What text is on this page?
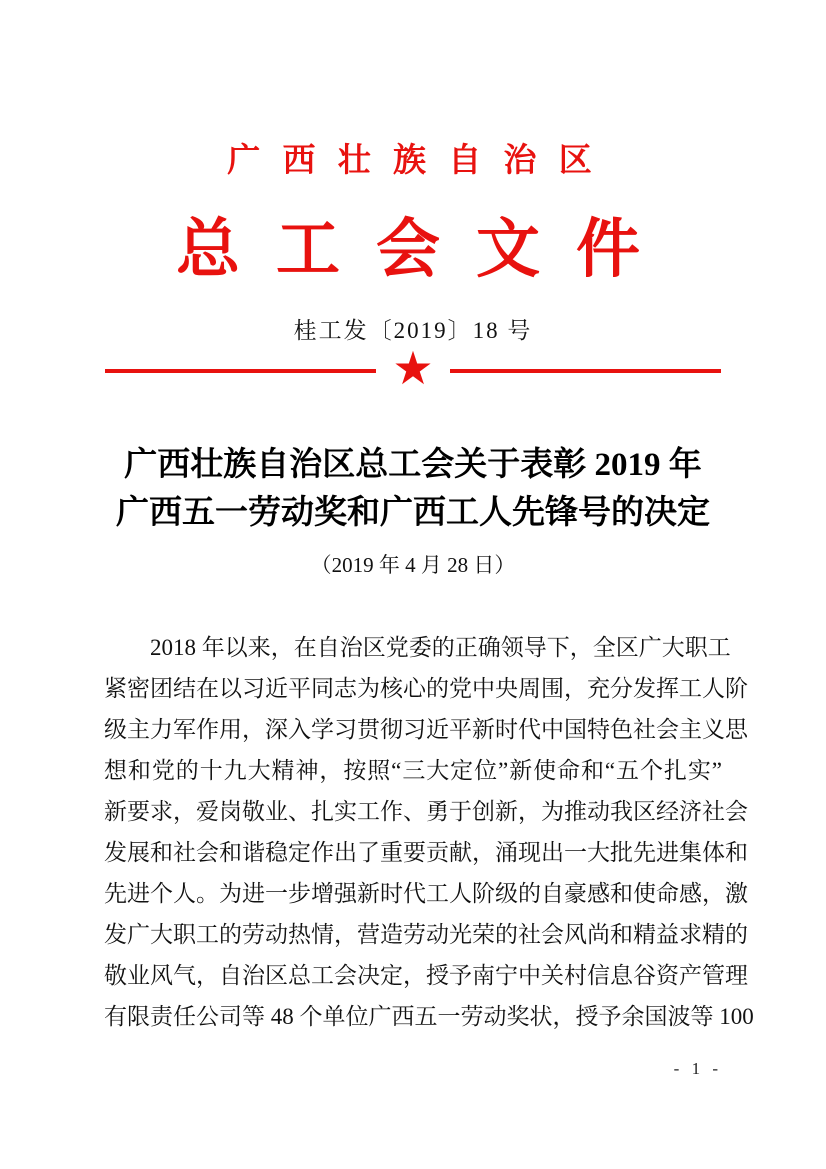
广 西 壮 族 自 治 区
总 工 会 文 件
桂工发〔2019〕18 号
★
广西壮族自治区总工会关于表彰 2019 年
广西五一劳动奖和广西工人先锋号的决定
（2019 年 4 月 28 日）
2018 年以来，在自治区党委的正确领导下，全区广大职工
紧密团结在以习近平同志为核心的党中央周围，充分发挥工人阶
级主力军作用，深入学习贯彻习近平新时代中国特色社会主义思
想和党的十九大精神，按照“三大定位”新使命和“五个扎实”
新要求，爱岗敬业、扎实工作、勇于创新，为推动我区经济社会
发展和社会和谐稳定作出了重要贡献，涌现出一大批先进集体和
先进个人。为进一步增强新时代工人阶级的自豪感和使命感，激
发广大职工的劳动热情，营造劳动光荣的社会风尚和精益求精的
敬业风气，自治区总工会决定，授予南宁中关村信息谷资产管理
有限责任公司等 48 个单位广西五一劳动奖状，授予余国波等 100
- 1 -
